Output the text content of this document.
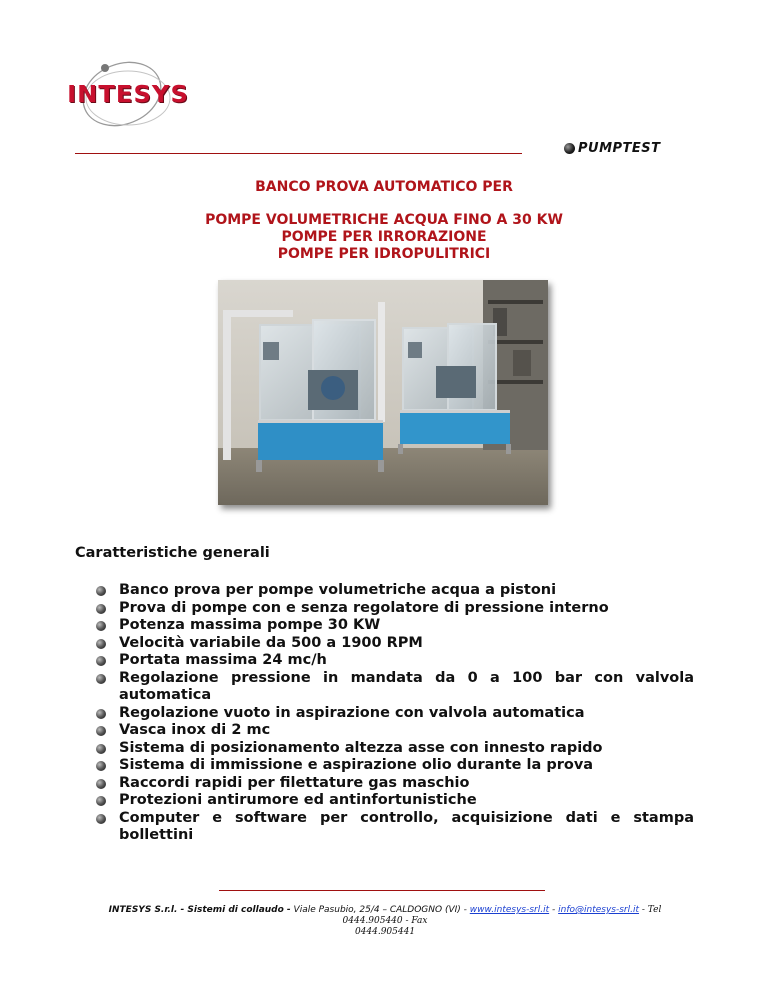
INTESYS
PUMPTEST
BANCO PROVA AUTOMATICO PER
POMPE VOLUMETRICHE ACQUA FINO A 30 KW
POMPE PER IRRORAZIONE
POMPE PER IDROPULITRICI
Caratteristiche generali
Banco prova per pompe volumetriche acqua a pistoni
Prova di pompe con e senza regolatore di pressione interno
Potenza massima pompe 30 KW
Velocità variabile da 500 a 1900 RPM
Portata massima 24 mc/h
Regolazione pressione in mandata da 0 a 100 bar con valvola automatica
Regolazione vuoto in aspirazione con valvola automatica
Vasca inox di 2 mc
Sistema di posizionamento altezza asse con innesto rapido
Sistema di immissione e aspirazione olio durante la prova
Raccordi rapidi per filettature gas maschio
Protezioni antirumore ed antinfortunistiche
Computer e software per controllo, acquisizione dati e stampa bollettini
INTESYS S.r.l. - Sistemi di collaudo - Viale Pasubio, 25/4 – CALDOGNO (VI) - www.intesys-srl.it - info@intesys-srl.it - Tel 0444.905440 - Fax
0444.905441
